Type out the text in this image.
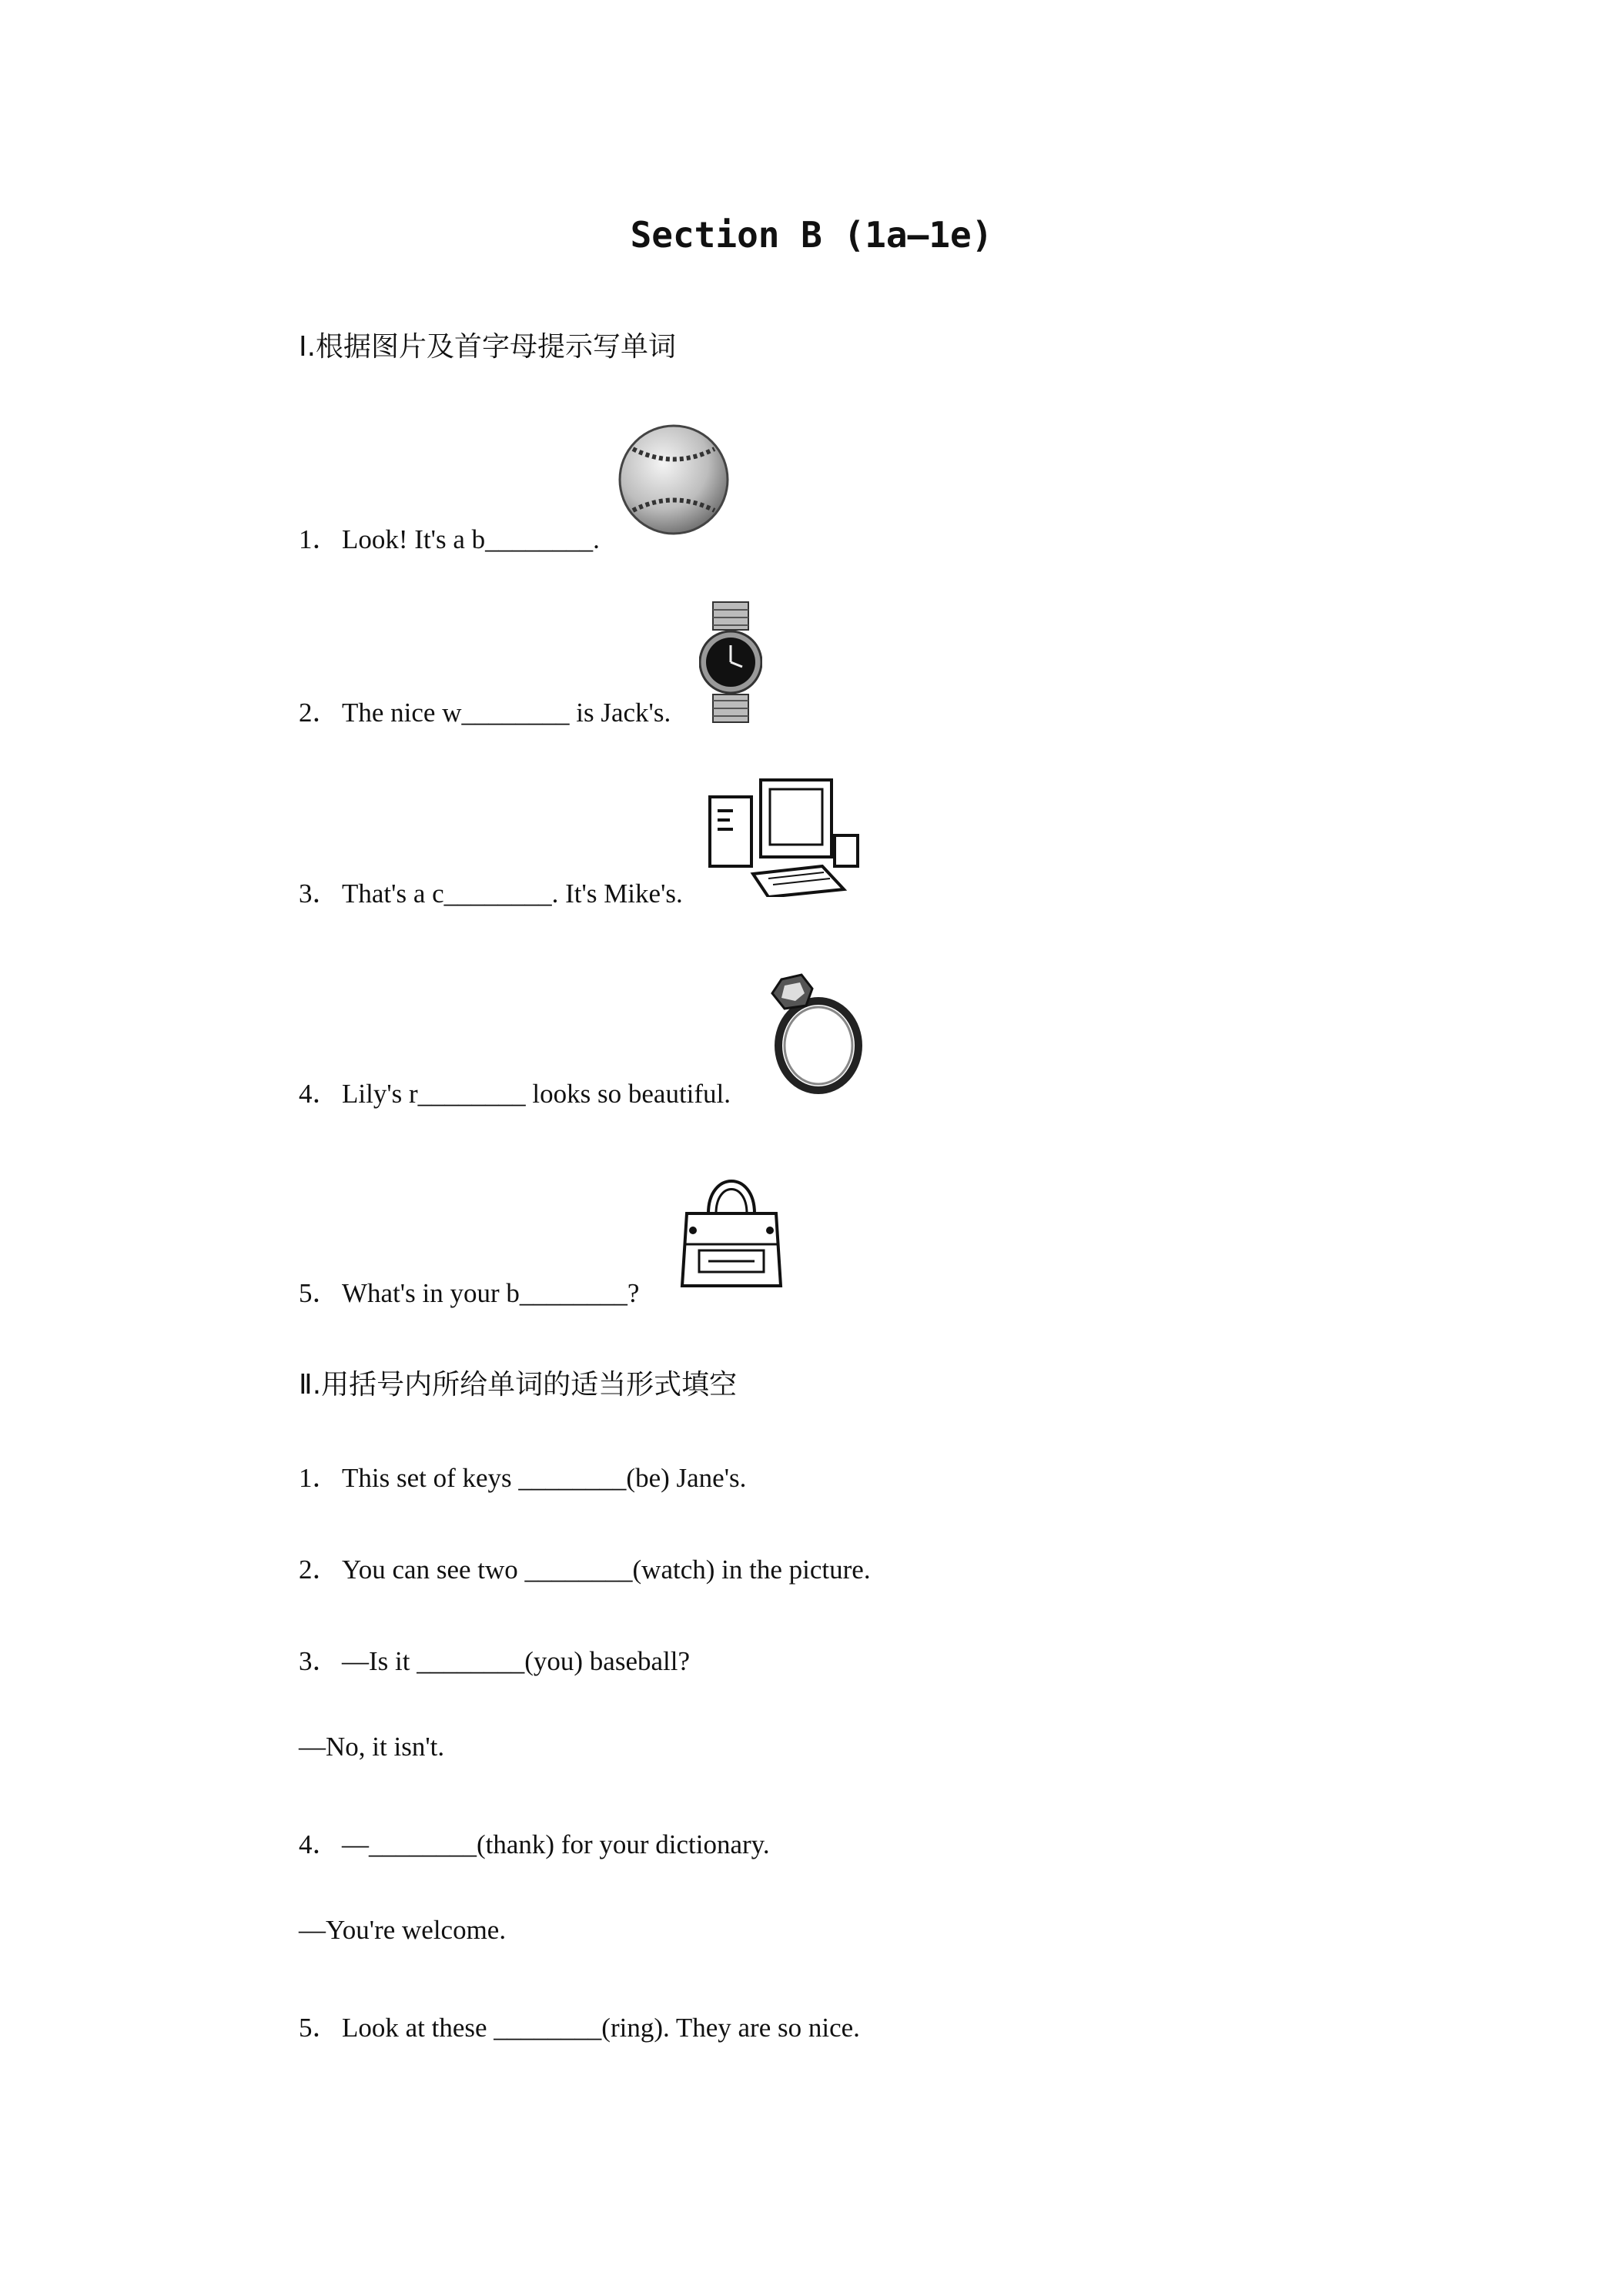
Section B (1a—1e)
Ⅰ.根据图片及首字母提示写单词
1．Look! It's a b________.
2．The nice w________ is Jack's.
3．That's a c________. It's Mike's.
4．Lily's r________ looks so beautiful.
5．What's in your b________?
Ⅱ.用括号内所给单词的适当形式填空
1．This set of keys ________(be) Jane's.
2．You can see two ________(watch) in the picture.
3．—Is it ________(you) baseball?
—No, it isn't.
4．—________(thank) for your dictionary.
—You're welcome.
5．Look at these ________(ring). They are so nice.
